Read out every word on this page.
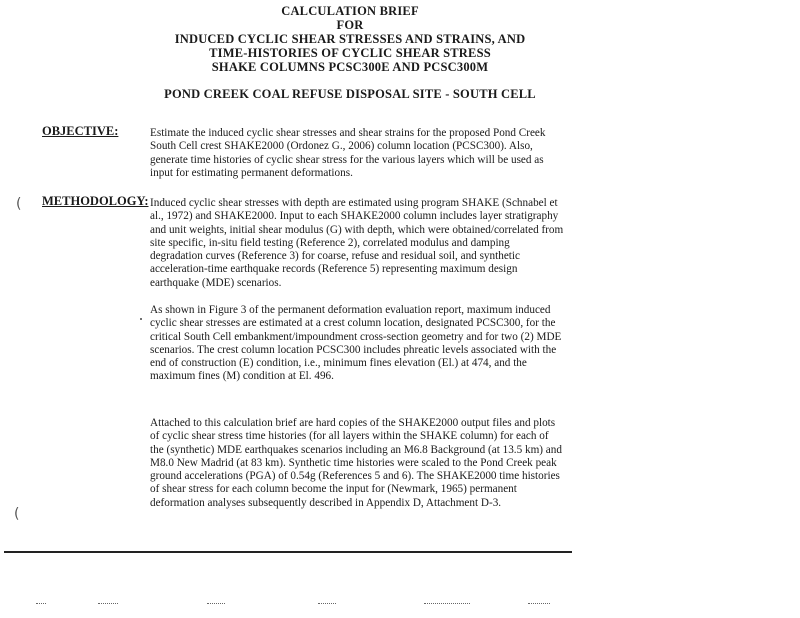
CALCULATION BRIEF
FOR
INDUCED CYCLIC SHEAR STRESSES AND STRAINS, AND
TIME-HISTORIES OF CYCLIC SHEAR STRESS
SHAKE COLUMNS PCSC300E AND PCSC300M
POND CREEK COAL REFUSE DISPOSAL SITE - SOUTH CELL
OBJECTIVE:	Estimate the induced cyclic shear stresses and shear strains for the proposed Pond Creek South Cell crest SHAKE2000 (Ordonez G., 2006) column location (PCSC300). Also, generate time histories of cyclic shear stress for the various layers which will be used as input for estimating permanent deformations.

( METHODOLOGY: Induced cyclic shear stresses with depth are estimated using program SHAKE (Schnabel et al., 1972) and SHAKE2000. Input to each SHAKE2000 column includes layer stratigraphy and unit weights, initial shear modulus (G) with depth, which were obtained/correlated from site specific, in-situ field testing (Reference 2), correlated modulus and damping degradation curves (Reference 3) for coarse, refuse and residual soil, and synthetic acceleration-time earthquake records (Reference 5) representing maximum design earthquake (MDE) scenarios.

As shown in Figure 3 of the permanent deformation evaluation report, maximum induced cyclic shear stresses are estimated at a crest column location, designated PCSC300, for the critical South Cell embankment/impoundment cross-section geometry and for two (2) MDE scenarios. The crest column location PCSC300 includes phreatic levels associated with the end of construction (E) condition, i.e., minimum fines elevation (El.) at 474, and the maximum fines (M) condition at El. 496.

Attached to this calculation brief are hard copies of the SHAKE2000 output files and plots of cyclic shear stress time histories (for all layers within the SHAKE column) for each of the (synthetic) MDE earthquakes scenarios including an M6.8 Background (at 13.5 km) and M8.0 New Madrid (at 83 km). Synthetic time histories were scaled to the Pond Creek peak ground accelerations (PGA) of 0.54g (References 5 and 6). The SHAKE2000 time histories of shear stress for each column become the input for (Newmark, 1965) permanent deformation analyses subsequently described in Appendix D, Attachment D-3.

(
